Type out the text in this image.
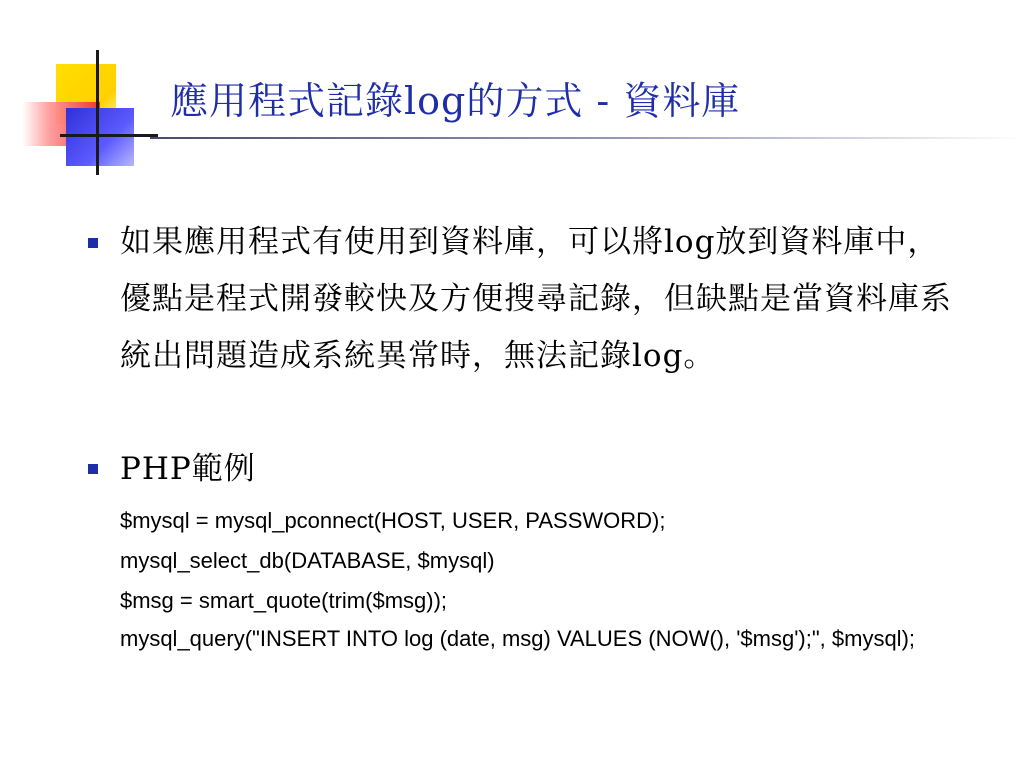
應用程式記錄log的方式 - 資料庫

如果應用程式有使用到資料庫，可以將log放到資料庫中，優點是程式開發較快及方便搜尋記錄，但缺點是當資料庫系統出問題造成系統異常時，無法記錄log。

PHP範例

$mysql = mysql_pconnect(HOST, USER, PASSWORD);

mysql_select_db(DATABASE, $mysql)

$msg = smart_quote(trim($msg));

mysql_query("INSERT INTO log (date, msg) VALUES (NOW(), '$msg');", $mysql);
